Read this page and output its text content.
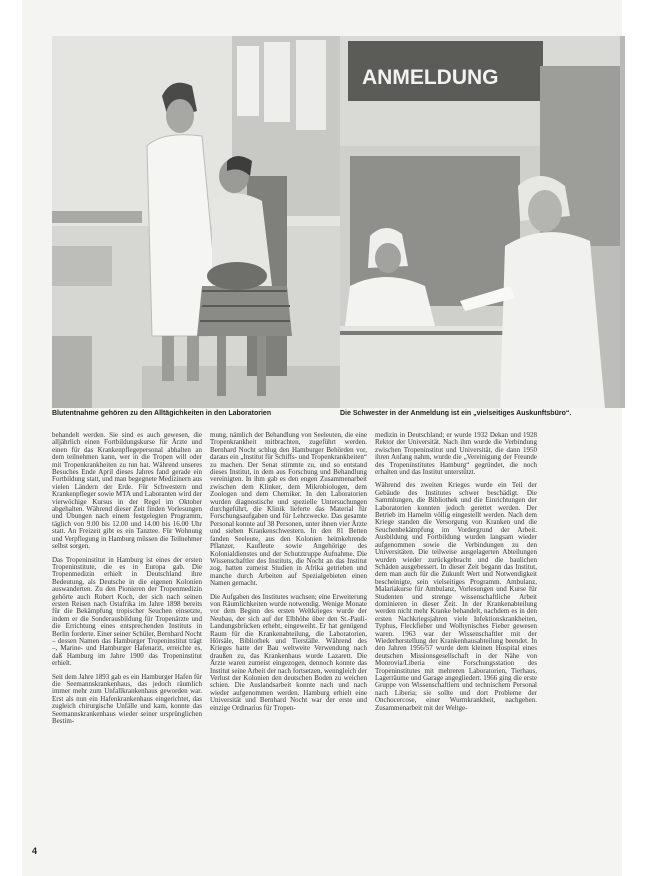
ANMELDUNG
Blutentnahme gehören zu den Alltägichkeiten in den Laboratorien	Die Schwester in der Anmeldung ist ein „vielseitiges Auskunftsbüro“.

behandelt werden. Sie sind es auch gewesen, die alljährlich einen Fortbildungskurse für Ärzte und einen für das Krankenpflegepersonal abhalten an dem teilnehmen kann, wer in die Tropen will oder mit Tropenkrankheiten zu tun hat. Während unseres Besuches Ende April dieses Jahres fand gerade ein Fortbildung statt, und man begegnete Medizinern aus vielen Ländern der Erde. Für Schwestern und Krankenpfleger sowie MTA und Laboranten wird der vierwöchige Kursus in der Regel im Oktober abgehalten. Während dieser Zeit finden Vorlesungen und Übungen nach einem festgelegten Programm, täglich von 9.00 bis 12.00 und 14.00 bis 16.00 Uhr statt. An Freizeit gibt es ein Tanztee. Für Wohnung und Verpflegung in Hamburg müssen die Teilnehmer selbst sorgen.

Das Tropeninstitut in Hamburg ist eines der ersten Tropeninstitute, die es in Europa gab. Die Tropenmedizin erhielt in Deutschland ihre Bedeutung, als Deutsche in die eigenen Kolonien auswanderten. Zu den Pionieren der Tropenmedizin gehörte auch Robert Koch, der sich nach seinen ersten Reisen nach Ostafrika im Jahre 1898 bereits für die Bekämpfung tropischer Seuchen einsetzte, indem er die Sonderausbildung für Tropenärzte und die Errichtung eines entsprechenden Instituts in Berlin forderte. Einer seiner Schüler, Bernhard Nocht – dessen Namen das Hamburger Tropeninstitut trägt –, Marine- und Hamburger Hafenarzt, erreichte es, daß Hamburg im Jahre 1900 das Tropeninstitut erhielt.

Seit dem Jahre 1893 gab es ein Hamburger Hafen für die Seemannskrankenhaus, das jedoch räumlich immer mehr zum Unfallkrankenhaus geworden war. Erst als nun ein Hafenkrankenhaus eingerichtet, das zugleich chirurgische Unfälle und kam, konnte das Seemannskrankenhaus wieder seiner ursprünglichen Bestim-

mung, nämlich der Behandlung von Seeleuten, die eine Tropenkrankheit mitbrachten, zugeführt werden. Bernhard Nocht schlug den Hamburger Behörden vor, daraus ein „Institut für Schiffs- und Tropenkrankheiten“ zu machen. Der Senat stimmte zu, und so entstand dieses Institut, in dem aus Forschung und Behandlung vereinigten. In ihm gab es den engen Zusammenarbeit zwischen dem Klinker, dem Mikrobiologen, dem Zoologen und dem Chemiker. In den Laboratorien wurden diagnostische und spezielle Untersuchungen durchgeführt, die Klinik lieferte das Material für Forschungsaufgaben und für Lehrzwecke. Das gesamte Personal konnte auf 38 Personen, unter ihnen vier Ärzte und sieben Krankenschwestern. In den 81 Betten fanden Seeleute, aus den Kolonien heimkehrende Pflanzer, Kaufleute sowie Angehörige des Kolonialdienstes und der Schutztruppe Aufnahme. Die Wissenschaftler des Instituts, die Nocht an das Institut zog, hatten zumeist Studien in Afrika getrieben und manche durch Arbeiten auf Spezialgebieten einen Namen gemacht.

Die Aufgaben des Institutes wuchsen; eine Erweiterung von Räumlichkeiten wurde notwendig. Wenige Monate vor dem Beginn des ersten Weltkrieges wurde der Neubau, der sich auf der Elbhöhe über den St.-Pauli-Landungsbrücken erhebt, eingeweiht. Er hat genügend Raum für die Krankenabteilung, die Laboratorien, Hörsäle, Bibliothek und Tierställe. Während des Krieges hatte der Bau weltweite Verwendung nach draußen zu, das Krankenhaus wurde Lazarett. Die Ärzte waren zumeist eingezogen, dennoch konnte das Institut seine Arbeit der nach fortsetzen, wenngleich der Verlust der Kolonien den deutschen Boden zu weichen schien. Die Auslandsarbeit konnte nach und nach wieder aufgenommen werden. Hamburg erhielt eine Universität und Bernhard Nocht war der erste und einzige Ordinarius für Tropen-

medizin in Deutschland; er wurde 1932 Dekan und 1928 Rektor der Universität. Nach ihm wurde die Verbindung zwischen Tropeninstitut und Universität, die dann 1950 ihren Anfang nahm, wurde die „Vereinigung der Freunde des Tropeninstitutes Hamburg“ gegründet, die noch erhalten und das Institut unterstützt.

Während des zweiten Krieges wurde ein Teil der Gebäude des Institutes schwer beschädigt. Die Sammlungen, die Bibliothek und die Einrichtungen der Laboratorien konnten jedoch gerettet werden. Der Betrieb im Hamelm völlig eingestellt werden. Nach dem Kriege standen die Versorgung von Kranken und die Seuchenbekämpfung im Vordergrund der Arbeit. Ausbildung und Fortbildung wurden langsam wieder aufgenommen sowie die Verbindungen zu den Universitäten. Die teilweise ausgelagerten Abteilungen wurden wieder zurückgebracht und die baulichen Schäden ausgebessert. In dieser Zeit begann das Institut, dem man auch für die Zukunft Wert und Notwendigkeit bescheinigte, sein vielseitiges Programm. Ambulanz, Malariakurse für Ambulanz, Vorlesungen und Kurse für Studenten und strenge wissenschaftliche Arbeit dominieren in dieser Zeit. In der Krankenabteilung werden nicht mehr Kranke behandelt, nachdem es in den ersten Nachkriegsjahren viele Infektionskrankheiten, Typhus, Fleckfieber und Wolhynisches Fieber gewesen waren. 1963 war der Wissenschaftler mit der Wiederherstellung der Krankenhausabteilung beendet. In den Jahren 1956/57 wurde dem kleinen Hospital eines deutschen Missionsgesellschaft in der Nähe von Monrovia/Liberia eine Forschungsstation des Tropeninstitutes mit mehreren Laboratorien, Tierhaus, Lagerräume und Garage angegliedert. 1966 ging die erste Gruppe von Wissenschaftlern und technischem Personal nach Liberia; sie sollte und dort Probleme der Onchocercose, einer Wurmkrankheit, nachgehen. Zusammenarbeit mit der Weltge-

4
